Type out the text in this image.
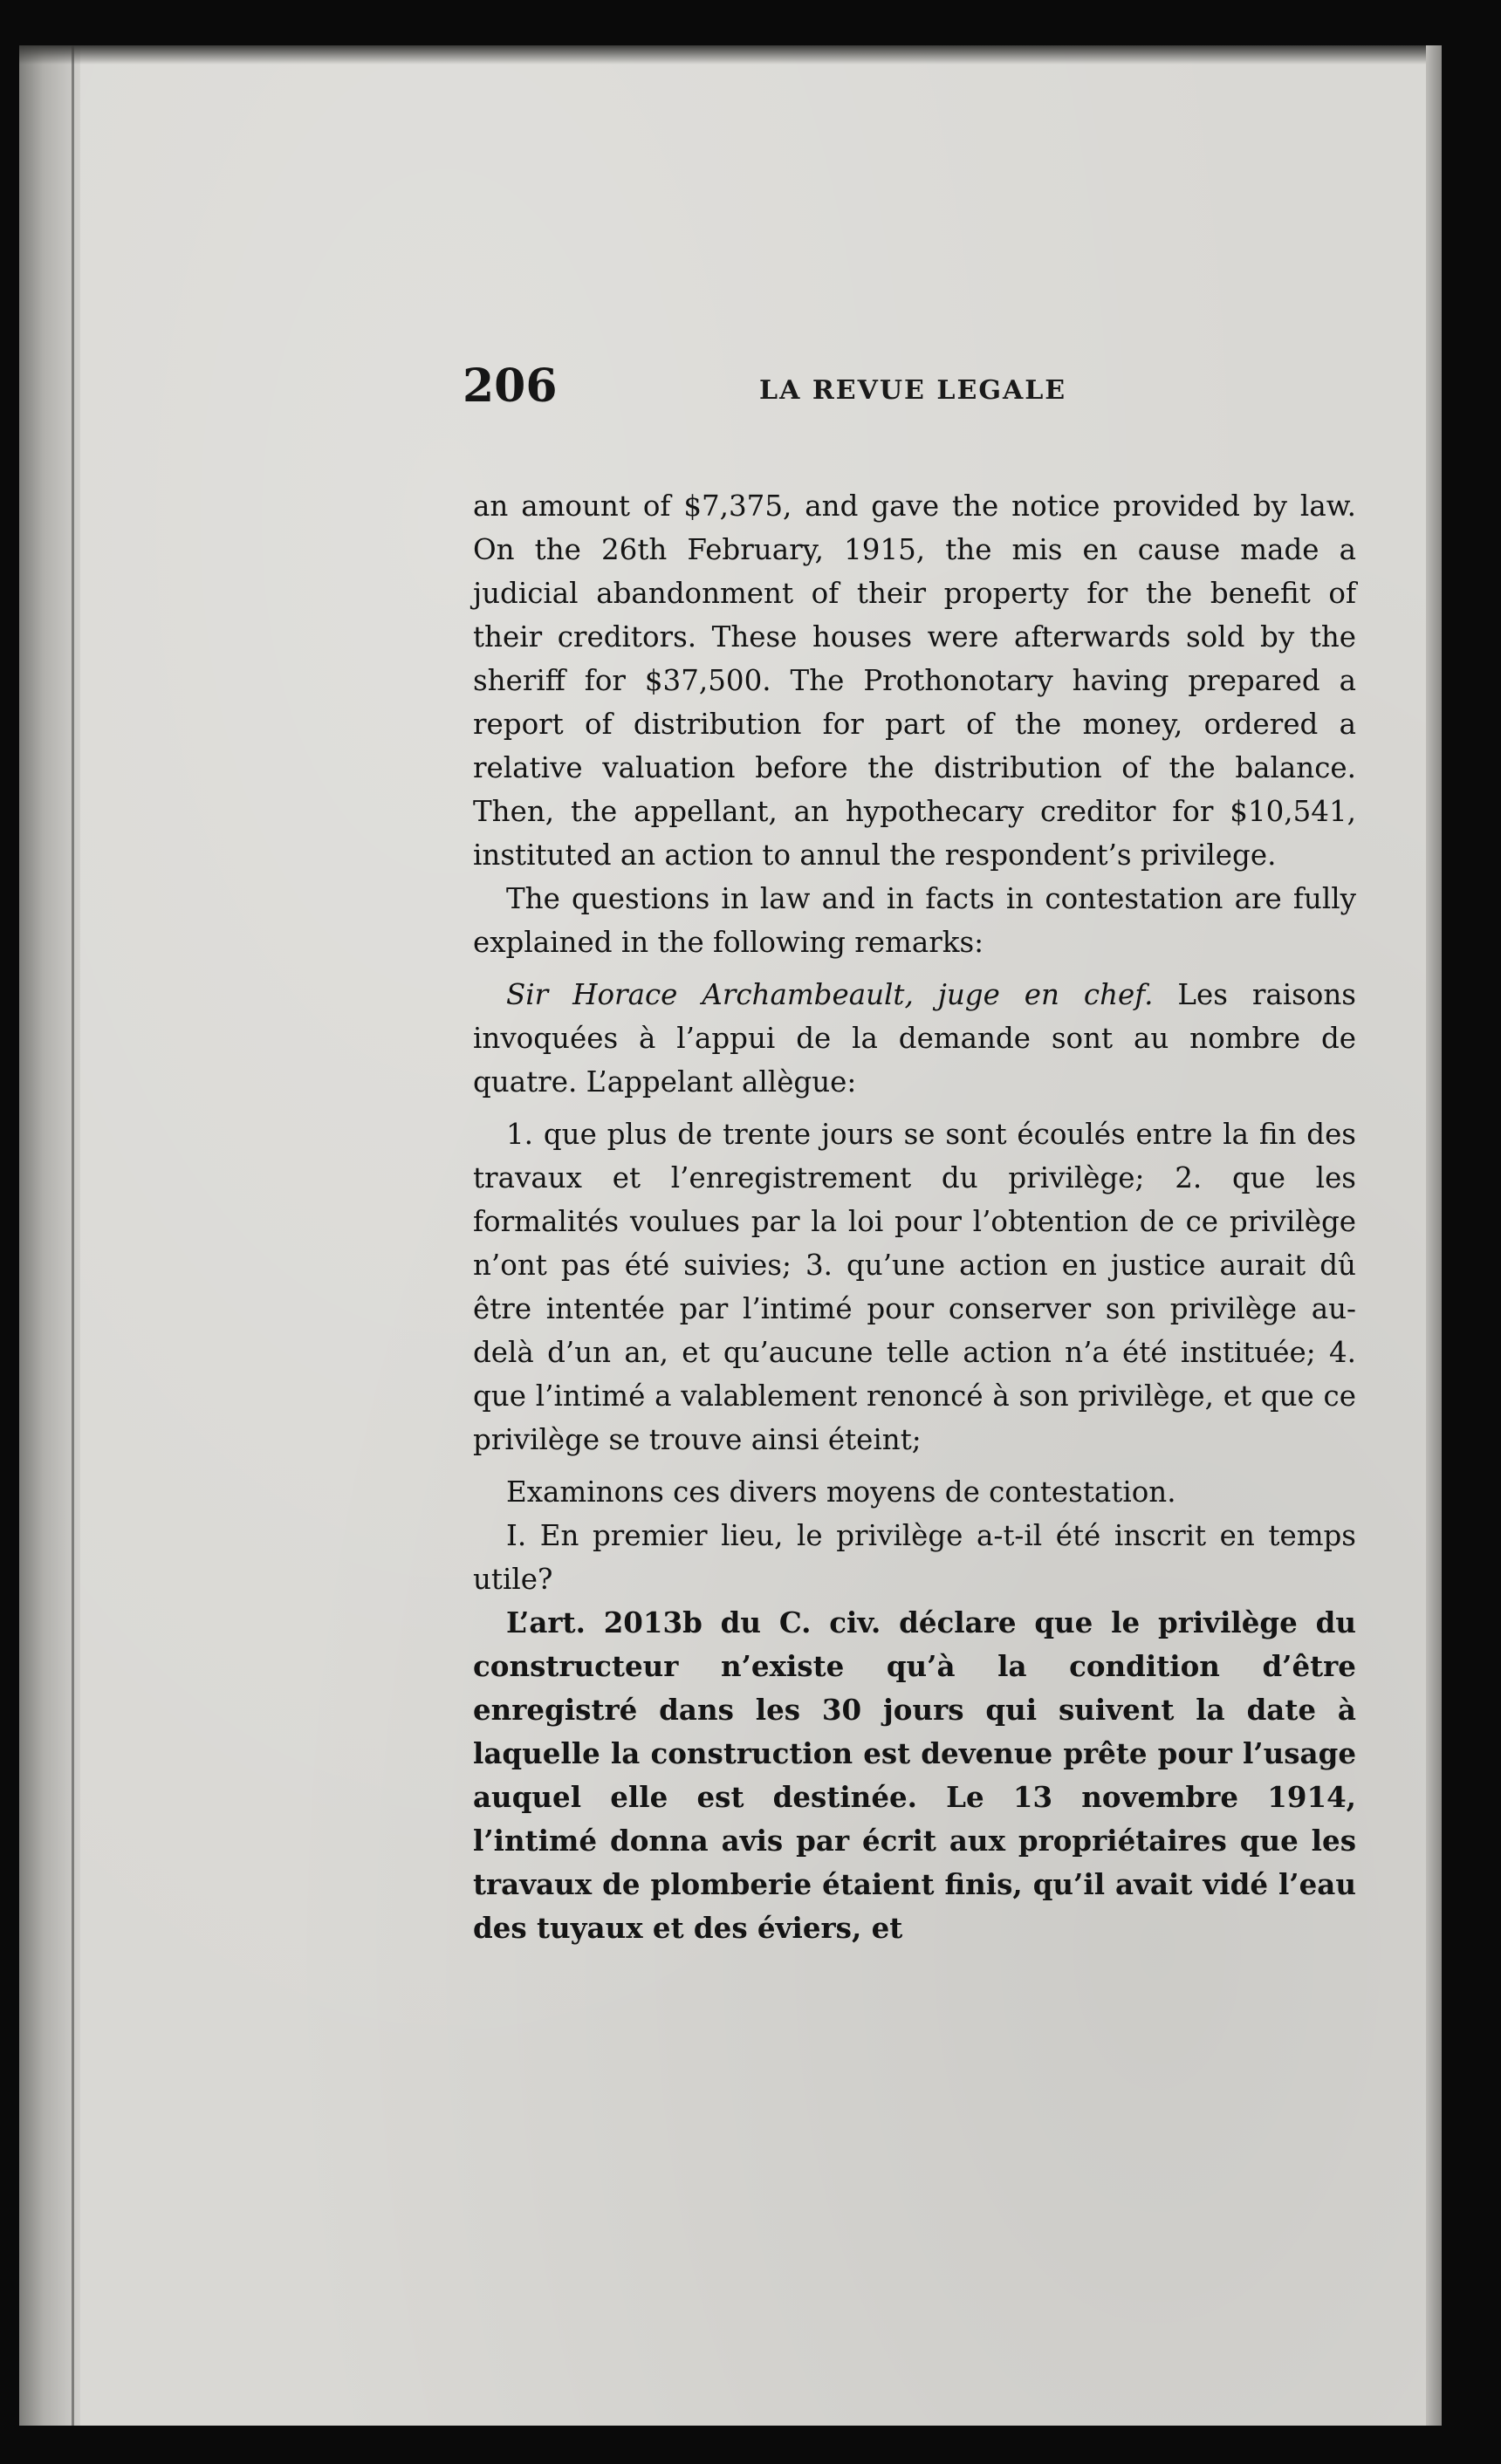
206	LA REVUE LEGALE

an amount of $7,375, and gave the notice provided by law. On the 26th February, 1915, the mis en cause made a judicial abandonment of their property for the benefit of their creditors. These houses were afterwards sold by the sheriff for $37,500. The Prothonotary having prepared a report of distribution for part of the money, ordered a relative valuation before the distribution of the balance. Then, the appellant, an hypothecary creditor for $10,541, instituted an action to annul the respondent’s privilege.

The questions in law and in facts in contestation are fully explained in the following remarks:

Sir Horace Archambeault, juge en chef. Les raisons invoquées à l’appui de la demande sont au nombre de quatre. L’appelant allègue:

1. que plus de trente jours se sont écoulés entre la fin des travaux et l’enregistrement du privilège; 2. que les formalités voulues par la loi pour l’obtention de ce privilège n’ont pas été suivies; 3. qu’une action en justice aurait dû être intentée par l’intimé pour conserver son privilège au-delà d’un an, et qu’aucune telle action n’a été instituée; 4. que l’intimé a valablement renoncé à son privilège, et que ce privilège se trouve ainsi éteint;

Examinons ces divers moyens de contestation.

I. En premier lieu, le privilège a-t-il été inscrit en temps utile?

L’art. 2013b du C. civ. déclare que le privilège du constructeur n’existe qu’à la condition d’être enregistré dans les 30 jours qui suivent la date à laquelle la construction est devenue prête pour l’usage auquel elle est destinée. Le 13 novembre 1914, l’intimé donna avis par écrit aux propriétaires que les travaux de plomberie étaient finis, qu’il avait vidé l’eau des tuyaux et des éviers, et
